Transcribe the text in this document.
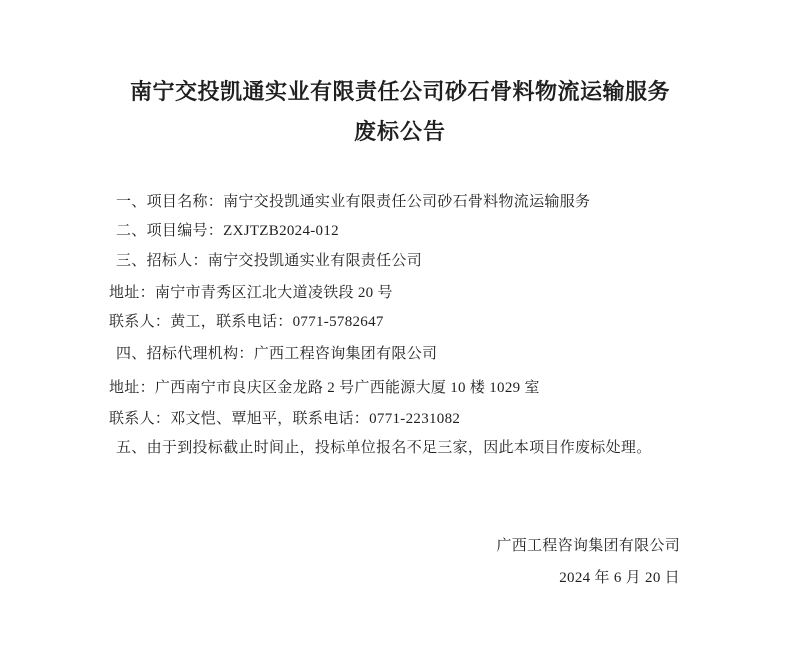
南宁交投凯通实业有限责任公司砂石骨料物流运输服务
废标公告

一、项目名称：南宁交投凯通实业有限责任公司砂石骨料物流运输服务

二、项目编号：ZXJTZB2024-012

三、招标人：南宁交投凯通实业有限责任公司

地址：南宁市青秀区江北大道凌铁段 20 号

联系人：黄工，联系电话：0771-5782647

四、招标代理机构：广西工程咨询集团有限公司

地址：广西南宁市良庆区金龙路 2 号广西能源大厦 10 楼 1029 室

联系人：邓文恺、覃旭平，联系电话：0771-2231082

五、由于到投标截止时间止，投标单位报名不足三家，因此本项目作废标处理。

广西工程咨询集团有限公司

2024 年 6 月 20 日
